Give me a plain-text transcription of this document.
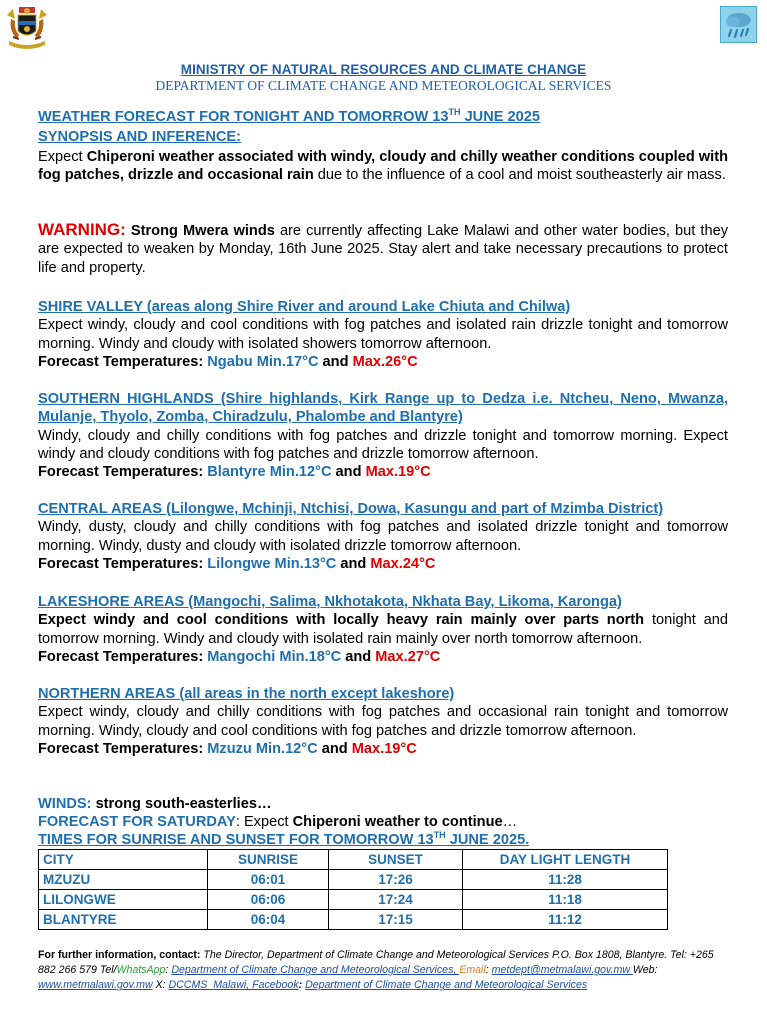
MINISTRY OF NATURAL RESOURCES AND CLIMATE CHANGE
DEPARTMENT OF CLIMATE CHANGE AND METEOROLOGICAL SERVICES
WEATHER FORECAST FOR TONIGHT AND TOMORROW 13TH JUNE 2025
SYNOPSIS AND INFERENCE:
Expect Chiperoni weather associated with windy, cloudy and chilly weather conditions coupled with fog patches, drizzle and occasional rain due to the influence of a cool and moist southeasterly air mass.
WARNING: Strong Mwera winds are currently affecting Lake Malawi and other water bodies, but they are expected to weaken by Monday, 16th June 2025. Stay alert and take necessary precautions to protect life and property.
SHIRE VALLEY (areas along Shire River and around Lake Chiuta and Chilwa)
Expect windy, cloudy and cool conditions with fog patches and isolated rain drizzle tonight and tomorrow morning. Windy and cloudy with isolated showers tomorrow afternoon.
Forecast Temperatures: Ngabu Min.17°C and Max.26°C
SOUTHERN HIGHLANDS (Shire highlands, Kirk Range up to Dedza i.e. Ntcheu, Neno, Mwanza, Mulanje, Thyolo, Zomba, Chiradzulu, Phalombe and Blantyre)
Windy, cloudy and chilly conditions with fog patches and drizzle tonight and tomorrow morning. Expect windy and cloudy conditions with fog patches and drizzle tomorrow afternoon.
Forecast Temperatures: Blantyre Min.12°C and Max.19°C
CENTRAL AREAS (Lilongwe, Mchinji, Ntchisi, Dowa, Kasungu and part of Mzimba District)
Windy, dusty, cloudy and chilly conditions with fog patches and isolated drizzle tonight and tomorrow morning. Windy, dusty and cloudy with isolated drizzle tomorrow afternoon.
Forecast Temperatures: Lilongwe Min.13°C and Max.24°C
LAKESHORE AREAS (Mangochi, Salima, Nkhotakota, Nkhata Bay, Likoma, Karonga)
Expect windy and cool conditions with locally heavy rain mainly over parts north tonight and tomorrow morning. Windy and cloudy with isolated rain mainly over north tomorrow afternoon.
Forecast Temperatures: Mangochi Min.18°C and Max.27°C
NORTHERN AREAS (all areas in the north except lakeshore)
Expect windy, cloudy and chilly conditions with fog patches and occasional rain tonight and tomorrow morning. Windy, cloudy and cool conditions with fog patches and drizzle tomorrow afternoon.
Forecast Temperatures: Mzuzu Min.12°C and Max.19°C
WINDS: strong south-easterlies…
FORECAST FOR SATURDAY: Expect Chiperoni weather to continue…
TIMES FOR SUNRISE AND SUNSET FOR TOMORROW 13TH JUNE 2025.
CITY	SUNRISE	SUNSET	DAY LIGHT LENGTH
MZUZU	06:01	17:26	11:28
LILONGWE	06:06	17:24	11:18
BLANTYRE	06:04	17:15	11:12
For further information, contact: The Director, Department of Climate Change and Meteorological Services P.O. Box 1808, Blantyre. Tel: +265 882 266 579 Tel/WhatsApp: Department of Climate Change and Meteorological Services, Email: metdept@metmalawi.gov.mw Web: www.metmalawi.gov.mw X: DCCMS_Malawi, Facebook: Department of Climate Change and Meteorological Services
